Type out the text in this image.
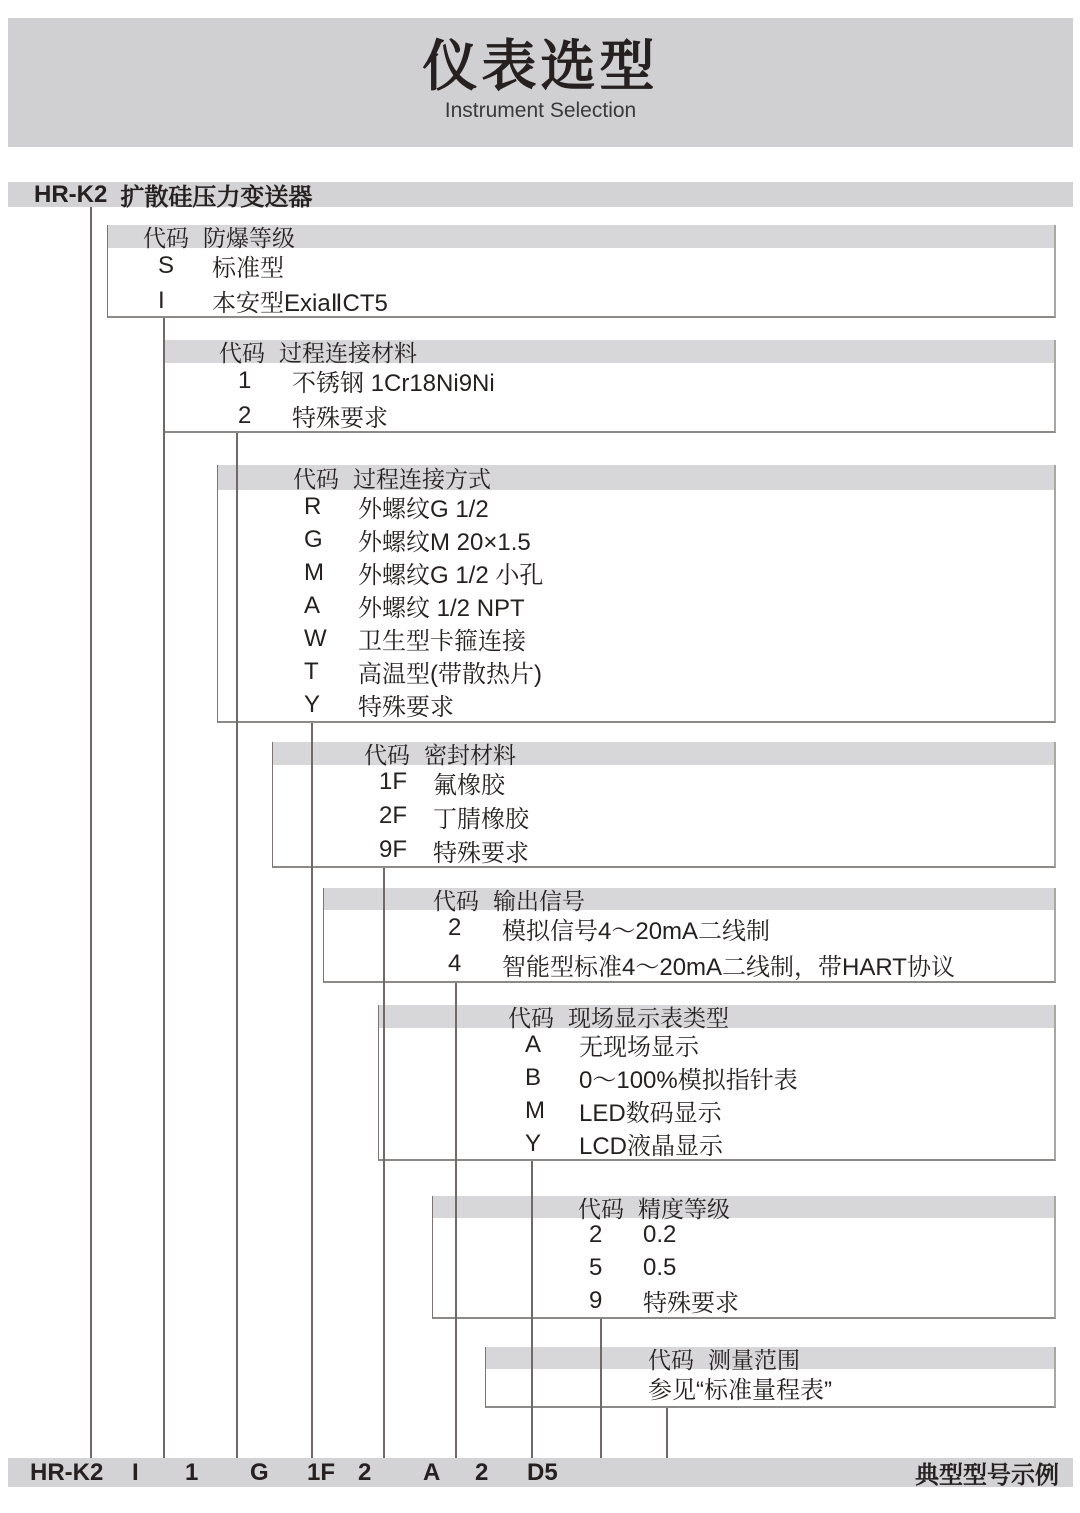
仪表选型
Instrument Selection
HR-K2 扩散硅压力变送器
代码 防爆等级
S	标准型
I	本安型ExiaⅡCT5
代码 过程连接材料
1	不锈钢 1Cr18Ni9Ni
2	特殊要求
代码 过程连接方式
R	外螺纹G 1/2
G	外螺纹M 20×1.5
M	外螺纹G 1/2 小孔
A	外螺纹 1/2 NPT
W	卫生型卡箍连接
T	高温型(带散热片)
Y	特殊要求
代码 密封材料
1F	氟橡胶
2F	丁腈橡胶
9F	特殊要求
代码 输出信号
2	模拟信号4～20mA二线制
4	智能型标准4～20mA二线制，带HART协议
代码 现场显示表类型
A	无现场显示
B	0～100%模拟指针表
M	LED数码显示
Y	LCD液晶显示
代码 精度等级
2	0.2
5	0.5
9	特殊要求
代码 测量范围
参见“标准量程表”
HR-K2 I 1 G 1F 2 A 2 D5	典型型号示例
